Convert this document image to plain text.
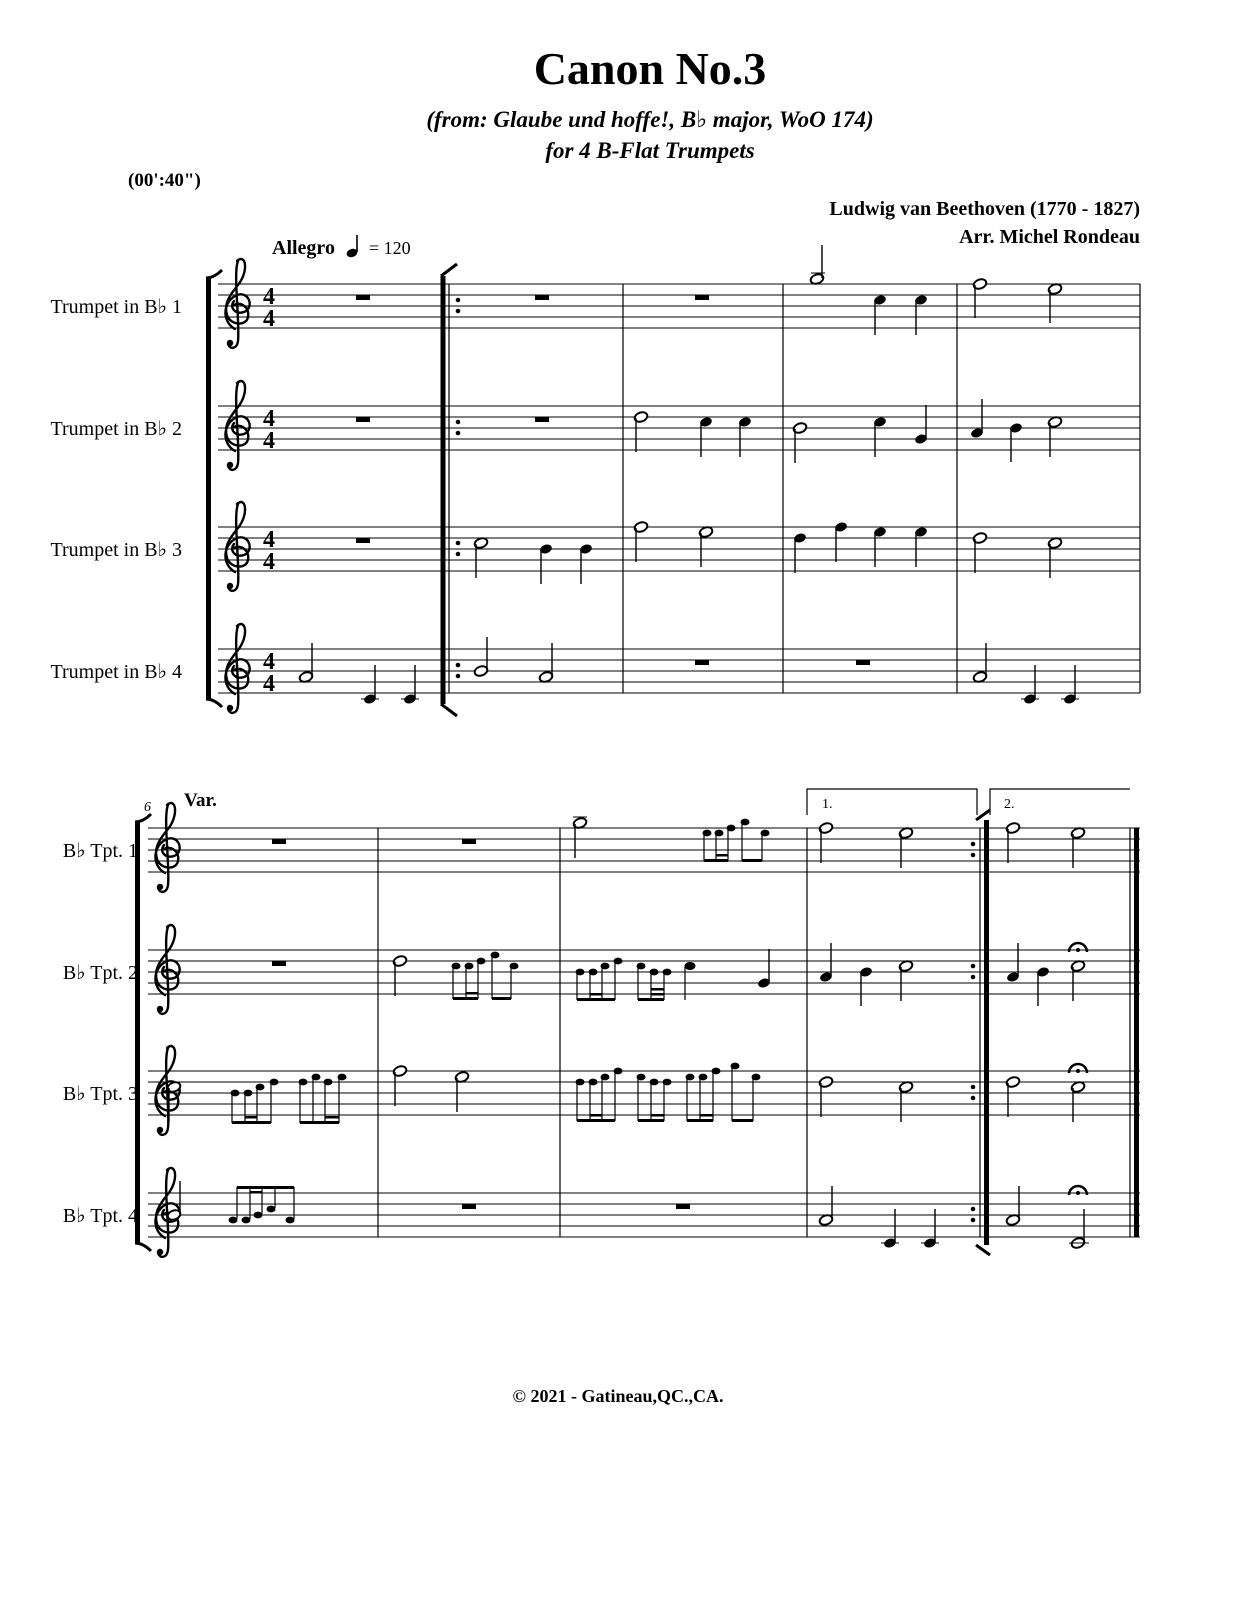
Canon No.3
(from: Glaube und hoffe!, B♭ major, WoO 174)
for 4 B-Flat Trumpets
(00':40")
Ludwig van Beethoven (1770 - 1827)
Arr. Michel Rondeau
Allegro = 120
4
4
4
4
4
4
4
4
Trumpet in B♭ 1
Trumpet in B♭ 2
Trumpet in B♭ 3
Trumpet in B♭ 4
B♭ Tpt. 1
B♭ Tpt. 2
B♭ Tpt. 3
B♭ Tpt. 4
6 Var.	1.	2.
© 2021 - Gatineau,QC.,CA.
